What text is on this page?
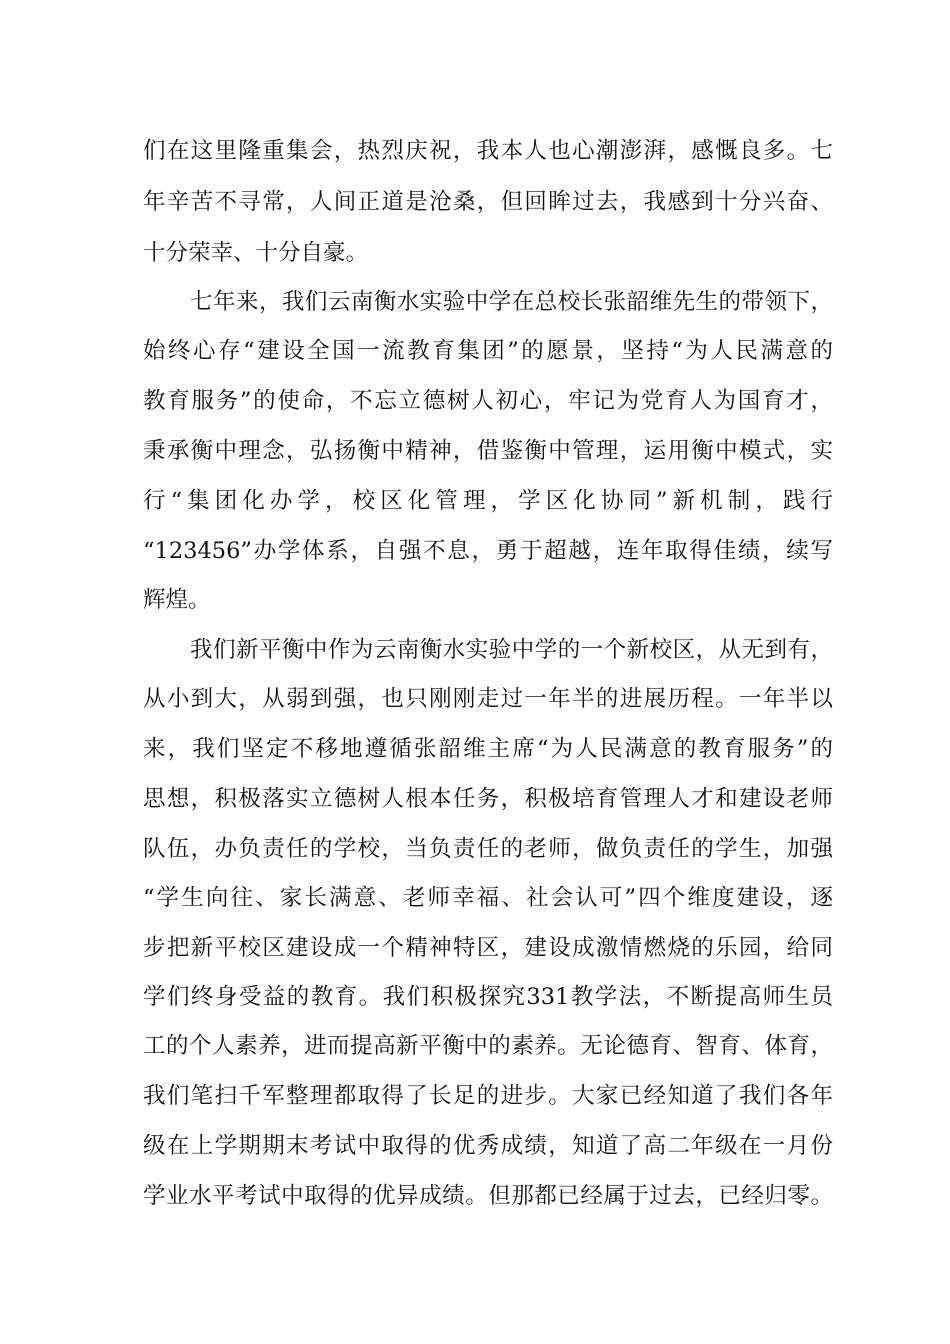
们在这里隆重集会，热烈庆祝，我本人也心潮澎湃，感慨良多。七
年辛苦不寻常，人间正道是沧桑，但回眸过去，我感到十分兴奋、
十分荣幸、十分自豪。
七年来，我们云南衡水实验中学在总校长张韶维先生的带领下，
始终心存“建设全国一流教育集团”的愿景，坚持“为人民满意的
教育服务”的使命，不忘立德树人初心，牢记为党育人为国育才，
秉承衡中理念，弘扬衡中精神，借鉴衡中管理，运用衡中模式，实
行“集团化办学，校区化管理，学区化协同”新机制，践行
“123456”办学体系，自强不息，勇于超越，连年取得佳绩，续写
辉煌。
我们新平衡中作为云南衡水实验中学的一个新校区，从无到有，
从小到大，从弱到强，也只刚刚走过一年半的进展历程。一年半以
来，我们坚定不移地遵循张韶维主席“为人民满意的教育服务”的
思想，积极落实立德树人根本任务，积极培育管理人才和建设老师
队伍，办负责任的学校，当负责任的老师，做负责任的学生，加强
“学生向往、家长满意、老师幸福、社会认可”四个维度建设，逐
步把新平校区建设成一个精神特区，建设成激情燃烧的乐园，给同
学们终身受益的教育。我们积极探究331教学法，不断提高师生员
工的个人素养，进而提高新平衡中的素养。无论德育、智育、体育，
我们笔扫千军整理都取得了长足的进步。大家已经知道了我们各年
级在上学期期末考试中取得的优秀成绩，知道了高二年级在一月份
学业水平考试中取得的优异成绩。但那都已经属于过去，已经归零。
